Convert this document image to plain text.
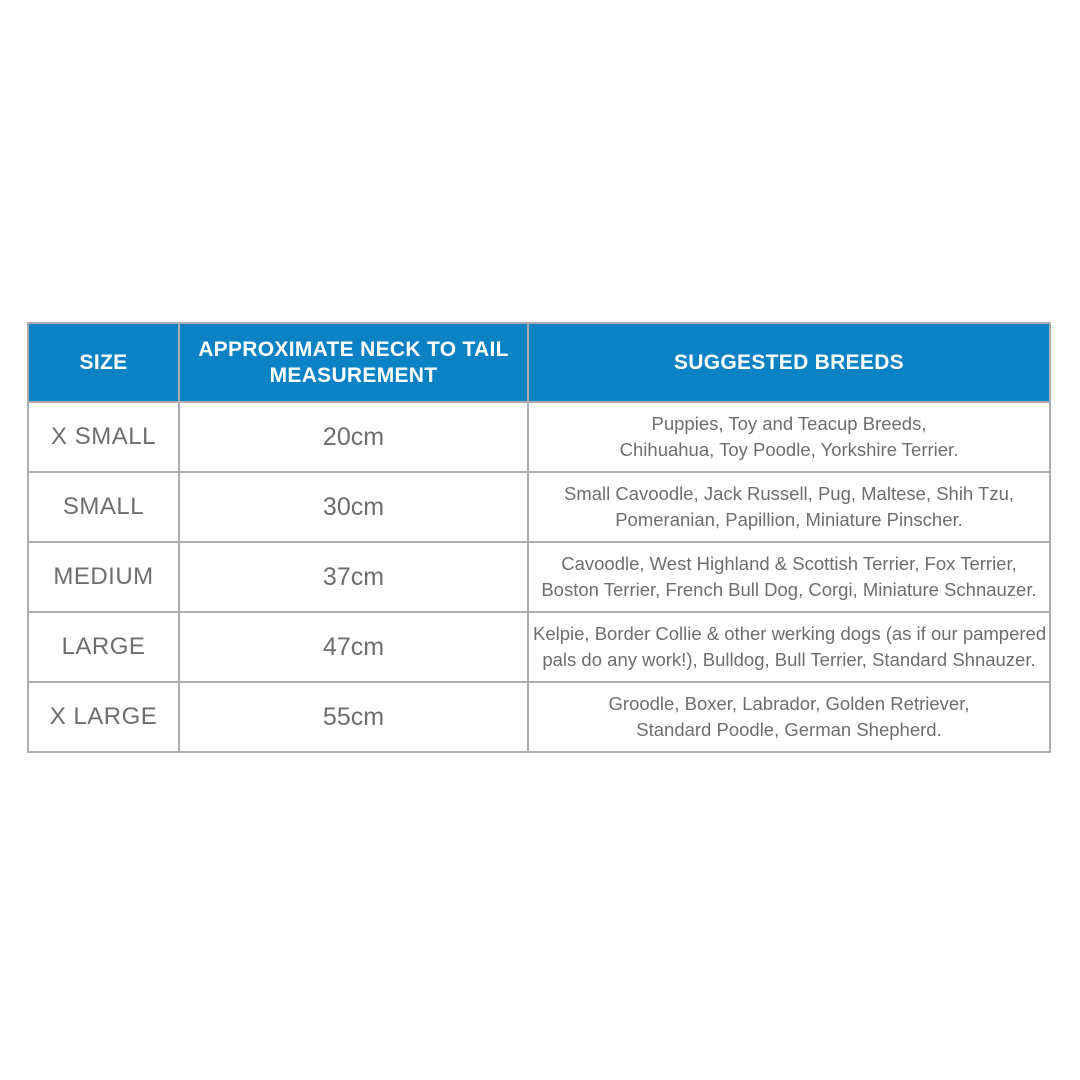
SIZE	APPROXIMATE NECK TO TAIL MEASUREMENT	SUGGESTED BREEDS
X SMALL	20cm	Puppies, Toy and Teacup Breeds,
Chihuahua, Toy Poodle, Yorkshire Terrier.

SMALL	30cm	Small Cavoodle, Jack Russell, Pug, Maltese, Shih Tzu,
Pomeranian, Papillion, Miniature Pinscher.

MEDIUM	37cm	Cavoodle, West Highland & Scottish Terrier, Fox Terrier,
Boston Terrier, French Bull Dog, Corgi, Miniature Schnauzer.

LARGE	47cm	Kelpie, Border Collie & other werking dogs (as if our pampered
pals do any work!), Bulldog, Bull Terrier, Standard Shnauzer.

X LARGE	55cm	Groodle, Boxer, Labrador, Golden Retriever,
Standard Poodle, German Shepherd.
